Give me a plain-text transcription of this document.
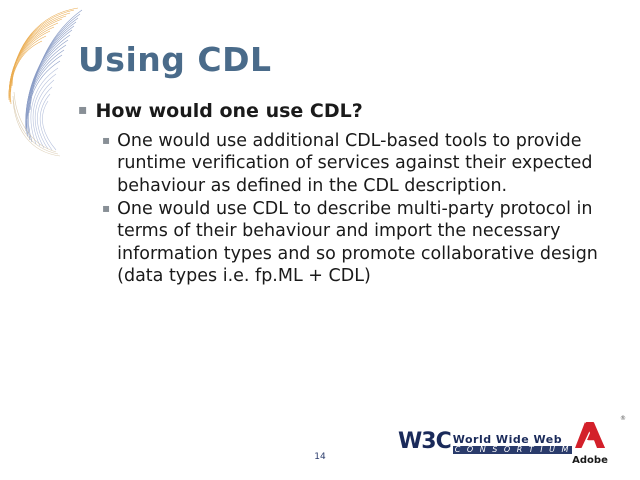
Using CDL
▪ How would one use CDL?
▪ One would use additional CDL-based tools to provide runtime verification of services against their expected behaviour as defined in the CDL description.
▪ One would use CDL to describe multi-party protocol in terms of their behaviour and import the necessary information types and so promote collaborative design (data types i.e. fp.ML + CDL)
14
W3C World Wide Web
C O N S O R T I U M
®
Adobe
